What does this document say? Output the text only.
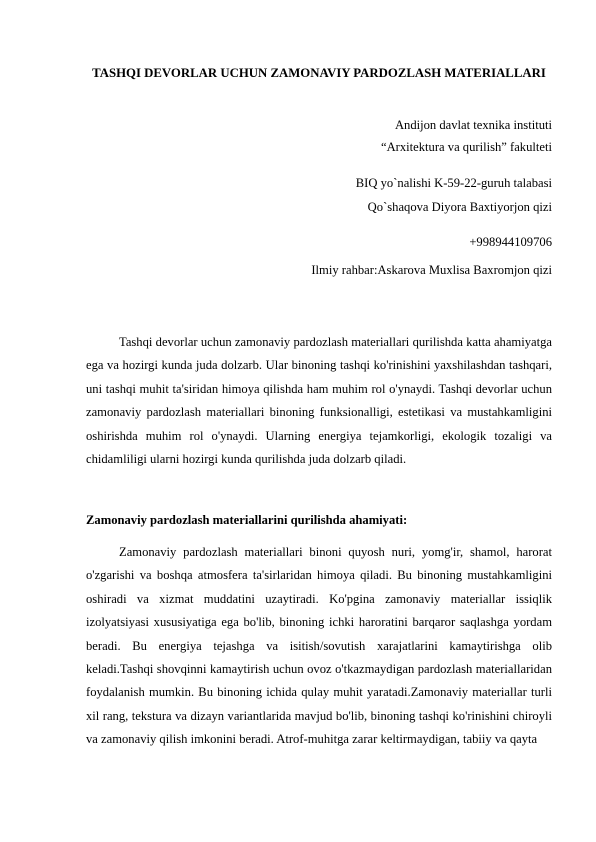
TASHQI DEVORLAR UCHUN ZAMONAVIY PARDOZLASH MATERIALLARI
Andijon davlat texnika instituti
“Arxitektura va qurilish” fakulteti
BIQ yo`nalishi K-59-22-guruh talabasi
Qo`shaqova Diyora Baxtiyorjon qizi
+998944109706
Ilmiy rahbar:Askarova Muxlisa Baxromjon qizi

Tashqi devorlar uchun zamonaviy pardozlash materiallari qurilishda katta ahamiyatga ega va hozirgi kunda juda dolzarb. Ular binoning tashqi ko'rinishini yaxshilashdan tashqari, uni tashqi muhit ta'siridan himoya qilishda ham muhim rol o'ynaydi. Tashqi devorlar uchun zamonaviy pardozlash materiallari binoning funksionalligi, estetikasi va mustahkamligini oshirishda muhim rol o'ynaydi. Ularning energiya tejamkorligi, ekologik tozaligi va chidamliligi ularni hozirgi kunda qurilishda juda dolzarb qiladi.

Zamonaviy pardozlash materiallarini qurilishda ahamiyati:

Zamonaviy pardozlash materiallari binoni quyosh nuri, yomg'ir, shamol, harorat o'zgarishi va boshqa atmosfera ta'sirlaridan himoya qiladi. Bu binoning mustahkamligini oshiradi va xizmat muddatini uzaytiradi. Ko'pgina zamonaviy materiallar issiqlik izolyatsiyasi xususiyatiga ega bo'lib, binoning ichki haroratini barqaror saqlashga yordam beradi. Bu energiya tejashga va isitish/sovutish xarajatlarini kamaytirishga olib keladi.Tashqi shovqinni kamaytirish uchun ovoz o'tkazmaydigan pardozlash materiallaridan foydalanish mumkin. Bu binoning ichida qulay muhit yaratadi.Zamonaviy materiallar turli xil rang, tekstura va dizayn variantlarida mavjud bo'lib, binoning tashqi ko'rinishini chiroyli va zamonaviy qilish imkonini beradi. Atrof-muhitga zarar keltirmaydigan, tabiiy va qayta
